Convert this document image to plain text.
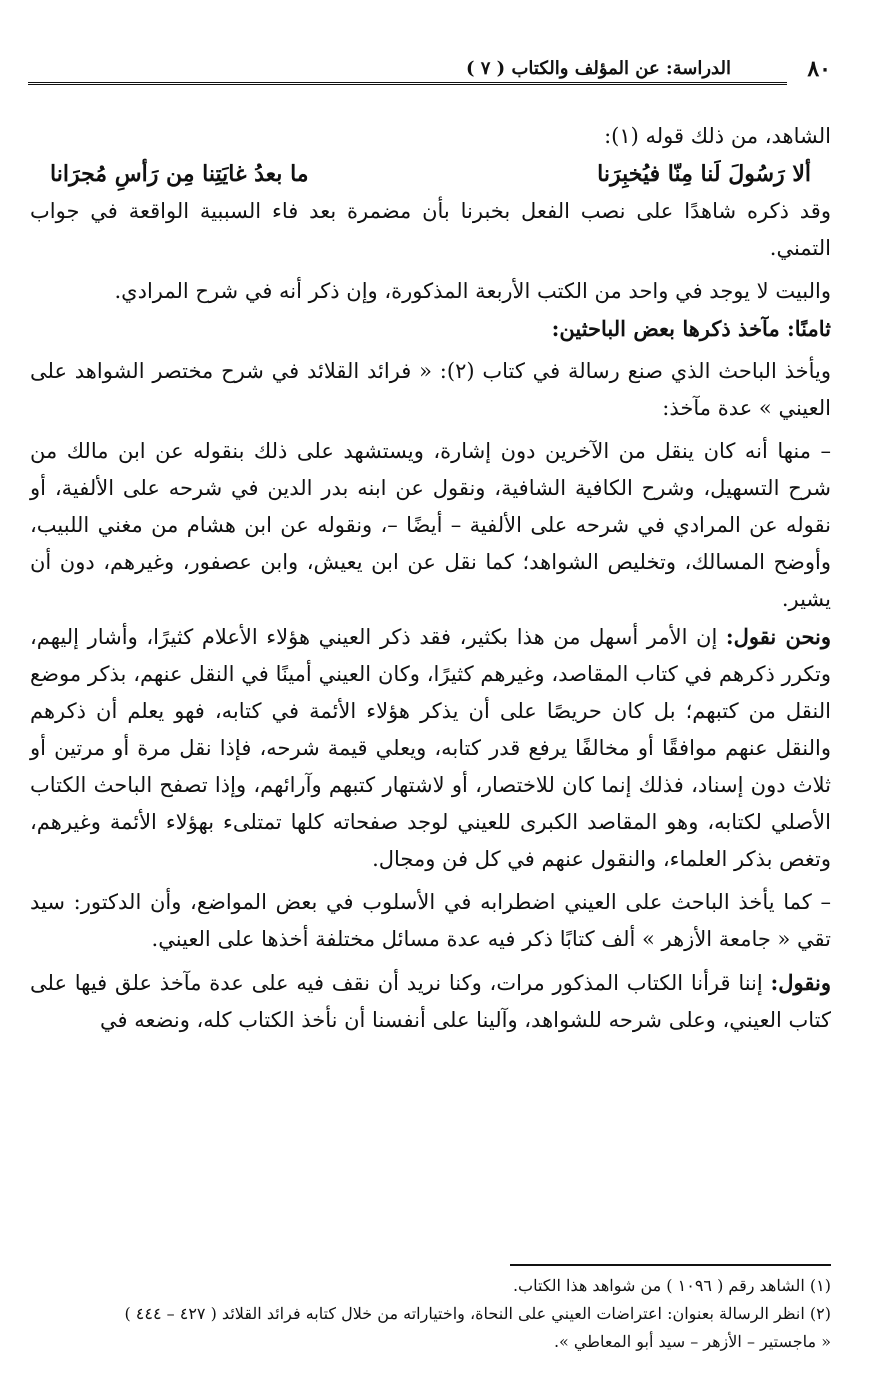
٨٠
الدراسة: عن المؤلف والكتاب ( ٧ )

الشاهد، من ذلك قوله (١):

ألا رَسُولَ لَنا مِنّا فيُخبِرَنا
ما بعدُ غايَتِنا مِن رَأسِ مُجرَانا

وقد ذكره شاهدًا على نصب الفعل بخبرنا بأن مضمرة بعد فاء السببية الواقعة في جواب التمني.

والبيت لا يوجد في واحد من الكتب الأربعة المذكورة، وإن ذكر أنه في شرح المرادي.

ثامنًا: مآخذ ذكرها بعض الباحثين:

ويأخذ الباحث الذي صنع رسالة في كتاب (٢): « فرائد القلائد في شرح مختصر الشواهد على العيني » عدة مآخذ:

– منها أنه كان ينقل من الآخرين دون إشارة، ويستشهد على ذلك بنقوله عن ابن مالك من شرح التسهيل، وشرح الكافية الشافية، ونقول عن ابنه بدر الدين في شرحه على الألفية، أو نقوله عن المرادي في شرحه على الألفية – أيضًا –، ونقوله عن ابن هشام من مغني اللبيب، وأوضح المسالك، وتخليص الشواهد؛ كما نقل عن ابن يعيش، وابن عصفور، وغيرهم، دون أن يشير.

ونحن نقول: إن الأمر أسهل من هذا بكثير، فقد ذكر العيني هؤلاء الأعلام كثيرًا، وأشار إليهم، وتكرر ذكرهم في كتاب المقاصد، وغيرهم كثيرًا، وكان العيني أمينًا في النقل عنهم، بذكر موضع النقل من كتبهم؛ بل كان حريصًا على أن يذكر هؤلاء الأئمة في كتابه، فهو يعلم أن ذكرهم والنقل عنهم موافقًا أو مخالفًا يرفع قدر كتابه، ويعلي قيمة شرحه، فإذا نقل مرة أو مرتين أو ثلاث دون إسناد، فذلك إنما كان للاختصار، أو لاشتهار كتبهم وآرائهم، وإذا تصفح الباحث الكتاب الأصلي لكتابه، وهو المقاصد الكبرى للعيني لوجد صفحاته كلها تمتلىء بهؤلاء الأئمة وغيرهم، وتغص بذكر العلماء، والنقول عنهم في كل فن ومجال.

– كما يأخذ الباحث على العيني اضطرابه في الأسلوب في بعض المواضع، وأن الدكتور: سيد تقي « جامعة الأزهر » ألف كتابًا ذكر فيه عدة مسائل مختلفة أخذها على العيني.

ونقول: إننا قرأنا الكتاب المذكور مرات، وكنا نريد أن نقف فيه على عدة مآخذ علق فيها على كتاب العيني، وعلى شرحه للشواهد، وآلينا على أنفسنا أن نأخذ الكتاب كله، ونضعه في

(١) الشاهد رقم ( ١٠٩٦ ) من شواهد هذا الكتاب.

(٢) انظر الرسالة بعنوان: اعتراضات العيني على النحاة، واختياراته من خلال كتابه فرائد القلائد ( ٤٢٧ – ٤٤٤ )

« ماجستير – الأزهر – سيد أبو المعاطي ».
